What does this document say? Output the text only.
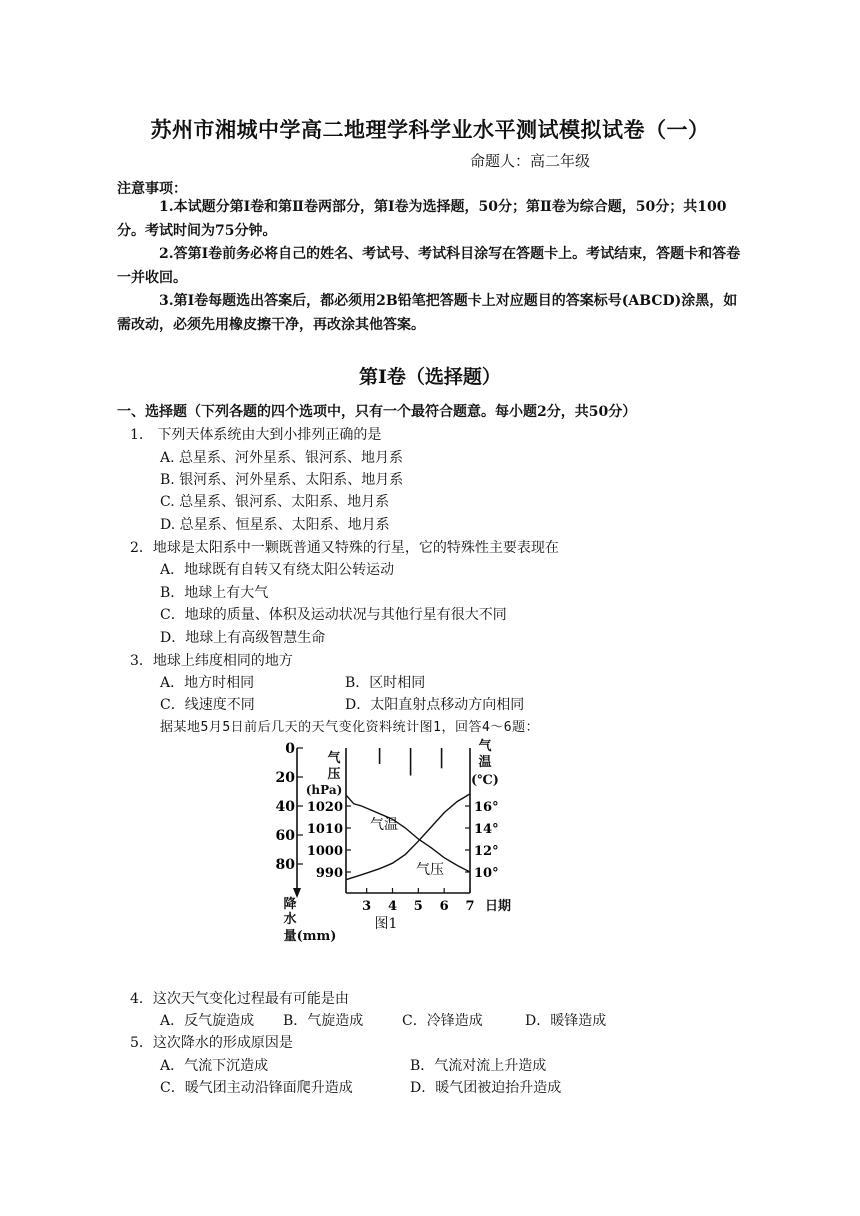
苏州市湘城中学高二地理学科学业水平测试模拟试卷（一）
命题人：高二年级
注意事项：
1.本试题分第Ⅰ卷和第Ⅱ卷两部分，第Ⅰ卷为选择题，50分；第Ⅱ卷为综合题，50分；共100分。考试时间为75分钟。
2.答第Ⅰ卷前务必将自己的姓名、考试号、考试科目涂写在答题卡上。考试结束，答题卡和答卷一并收回。
3.第Ⅰ卷每题选出答案后，都必须用2B铅笔把答题卡上对应题目的答案标号(ABCD)涂黑，如需改动，必须先用橡皮擦干净，再改涂其他答案。
第Ⅰ卷（选择题）
一、选择题（下列各题的四个选项中，只有一个最符合题意。每小题2分，共50分）
1． 下列天体系统由大到小排列正确的是
A. 总星系、河外星系、银河系、地月系
B. 银河系、河外星系、太阳系、地月系
C. 总星系、银河系、太阳系、地月系
D. 总星系、恒星系、太阳系、地月系
2．地球是太阳系中一颗既普通又特殊的行星，它的特殊性主要表现在
A．地球既有自转又有绕太阳公转运动
B．地球上有大气
C．地球的质量、体积及运动状况与其他行星有很大不同
D．地球上有高级智慧生命
3．地球上纬度相同的地方
A．地方时相同	B．区时相同
C．线速度不同	D．太阳直射点移动方向相同
据某地5月5日前后几天的天气变化资料统计图1，回答4～6题：
降
水
量(mm)
气
压
(hPa)
气
温
(℃)
日期
图1
0
20
40
60
80
1020
1010
1000
990
16°
14°
12°
10°
3 4 5 6 7
气温
气压
4．这次天气变化过程最有可能是由
A．反气旋造成 B．气旋造成	C．冷锋造成	D．暖锋造成
5．这次降水的形成原因是
A．气流下沉造成	B．气流对流上升造成
C．暖气团主动沿锋面爬升造成	D．暖气团被迫抬升造成
